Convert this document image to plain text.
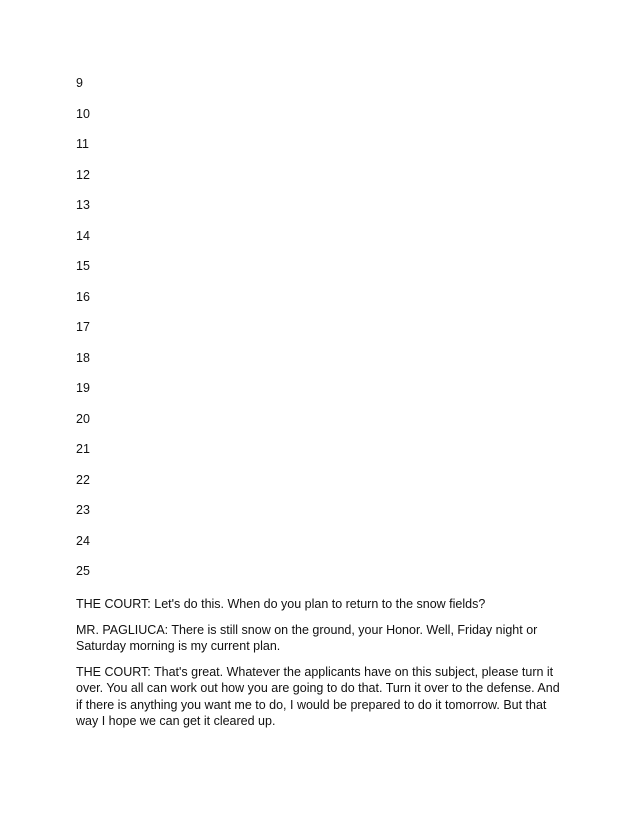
9
10
11
12
13
14
15
16
17
18
19
20
21
22
23
24
25

THE COURT: Let's do this. When do you plan to return to the snow fields?

MR. PAGLIUCA: There is still snow on the ground, your Honor. Well, Friday night or Saturday morning is my current plan.

THE COURT: That's great. Whatever the applicants have on this subject, please turn it over. You all can work out how you are going to do that. Turn it over to the defense. And if there is anything you want me to do, I would be prepared to do it tomorrow. But that way I hope we can get it cleared up.
